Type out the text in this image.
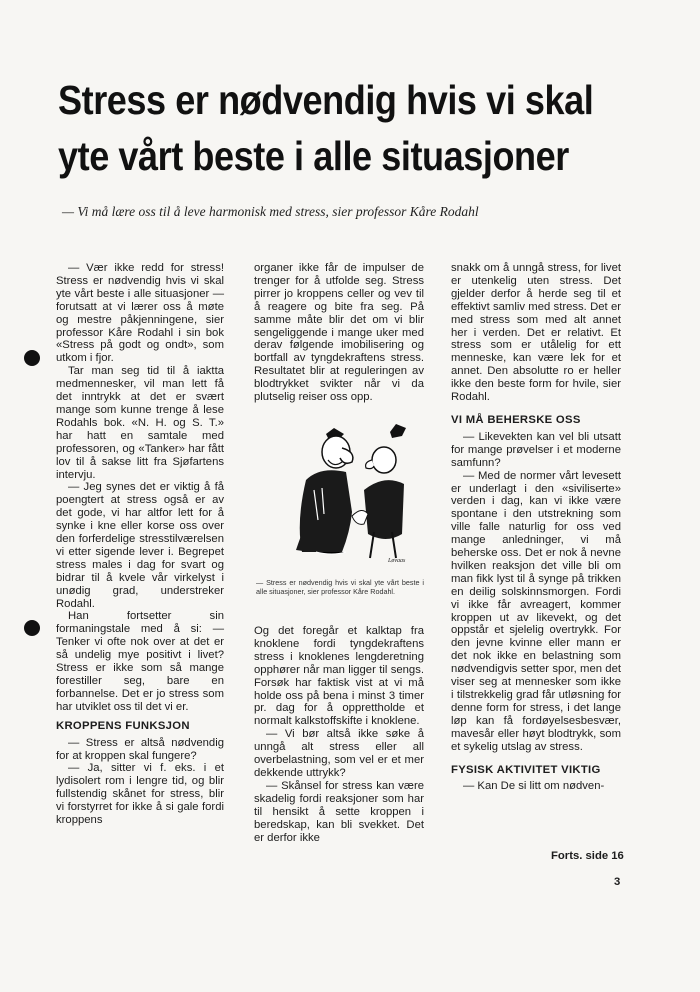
Stress er nødvendig hvis vi skal
yte vårt beste i alle situasjoner
— Vi må lære oss til å leve harmonisk med stress, sier professor Kåre Rodahl

— Vær ikke redd for stress! Stress er nødvendig hvis vi skal yte vårt beste i alle situasjoner — forutsatt at vi lærer oss å møte og mestre påkjenningene, sier professor Kåre Rodahl i sin bok «Stress på godt og ondt», som utkom i fjor.

Tar man seg tid til å iaktta medmennesker, vil man lett få det inntrykk at det er svært mange som kunne trenge å lese Rodahls bok. «N. H. og S. T.» har hatt en samtale med professoren, og «Tanker» har fått lov til å sakse litt fra Sjøfartens intervju.

— Jeg synes det er viktig å få poengtert at stress også er av det gode, vi har altfor lett for å synke i kne eller korse oss over den forferdelige stresstilværelsen vi etter sigende lever i. Begrepet stress males i dag for svart og bidrar til å kvele vår virkelyst i unødig grad, understreker Rodahl.

Han fortsetter sin formaningstale med å si: — Tenker vi ofte nok over at det er så undelig mye positivt i livet? Stress er ikke som så mange forestiller seg, bare en forbannelse. Det er jo stress som har utviklet oss til det vi er.

KROPPENS FUNKSJON

— Stress er altså nødvendig for at kroppen skal fungere?

— Ja, sitter vi f. eks. i et lydisolert rom i lengre tid, og blir fullstendig skånet for stress, blir vi forstyrret for ikke å si gale fordi kroppens

organer ikke får de impulser de trenger for å utfolde seg. Stress pirrer jo kroppens celler og vev til å reagere og bite fra seg. På samme måte blir det om vi blir sengeliggende i mange uker med derav følgende imobilisering og bortfall av tyngdekraftens stress. Resultatet blir at reguleringen av blodtrykket svikter når vi da plutselig reiser oss opp.

Løvaas
— Stress er nødvendig hvis vi skal yte vårt beste i alle situasjoner, sier professor Kåre Rodahl.

Og det foregår et kalktap fra knoklene fordi tyngdekraftens stress i knoklenes lengderetning opphører når man ligger til sengs. Forsøk har faktisk vist at vi må holde oss på bena i minst 3 timer pr. dag for å opprettholde et normalt kalkstoffskifte i knoklene.

— Vi bør altså ikke søke å unngå alt stress eller all overbelastning, som vel er et mer dekkende uttrykk?

— Skånsel for stress kan være skadelig fordi reaksjoner som har til hensikt å sette kroppen i beredskap, kan bli svekket. Det er derfor ikke

snakk om å unngå stress, for livet er utenkelig uten stress. Det gjelder derfor å herde seg til et effektivt samliv med stress. Det er med stress som med alt annet her i verden. Det er relativt. Et stress som er utålelig for ett menneske, kan være lek for et annet. Den absolutte ro er heller ikke den beste form for hvile, sier Rodahl.

VI MÅ BEHERSKE OSS

— Likevekten kan vel bli utsatt for mange prøvelser i et moderne samfunn?

— Med de normer vårt levesett er underlagt i den «siviliserte» verden i dag, kan vi ikke være spontane i den utstrekning som ville falle naturlig for oss ved mange anledninger, vi må beherske oss. Det er nok å nevne hvilken reaksjon det ville bli om man fikk lyst til å synge på trikken en deilig solskinnsmorgen. Fordi vi ikke får avreagert, kommer kroppen ut av likevekt, og det oppstår et sjelelig overtrykk. For den jevne kvinne eller mann er det nok ikke en belastning som nødvendigvis setter spor, men det viser seg at mennesker som ikke i tilstrekkelig grad får utløsning for denne form for stress, i det lange løp kan få fordøyelsesbesvær, mavesår eller høyt blodtrykk, som et sykelig utslag av stress.

FYSISK AKTIVITET VIKTIG

— Kan De si litt om nødven-

Forts. side 16
3
